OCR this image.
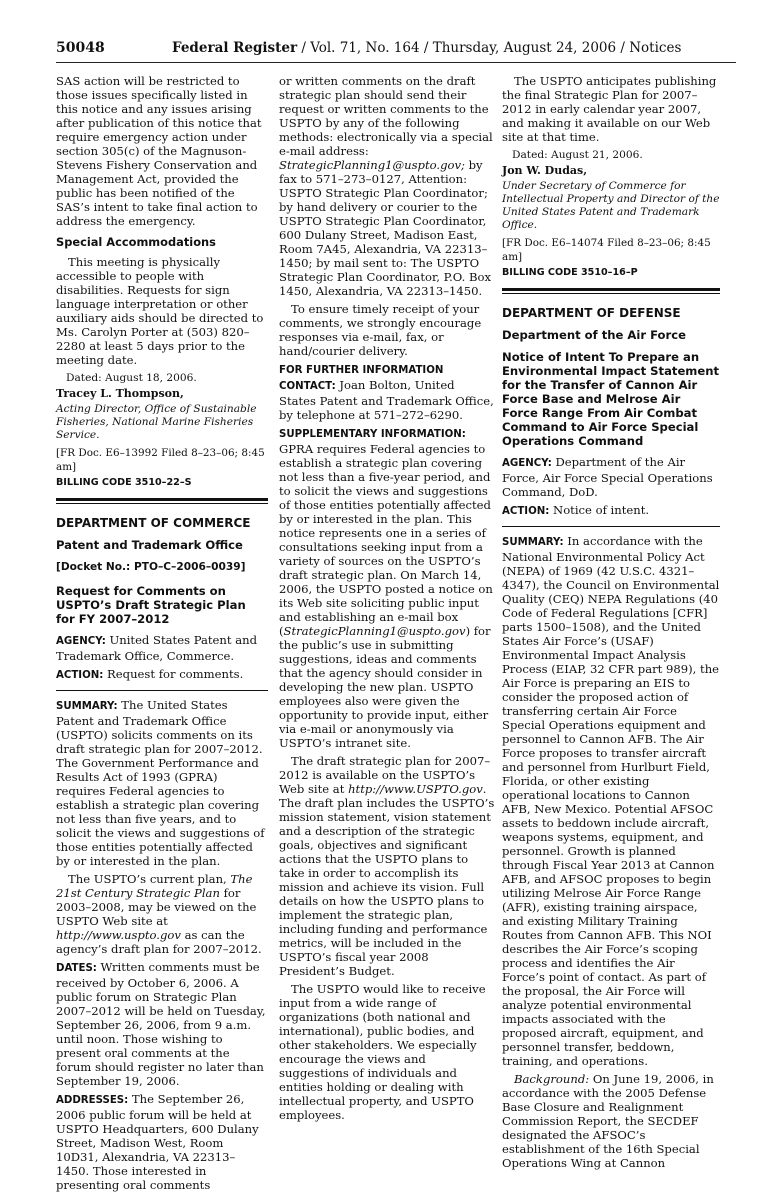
50048	Federal Register / Vol. 71, No. 164 / Thursday, August 24, 2006 / Notices

SAS action will be restricted to those issues specifically listed in this notice and any issues arising after publication of this notice that require emergency action under section 305(c) of the Magnuson-Stevens Fishery Conservation and Management Act, provided the public has been notified of the SAS’s intent to take final action to address the emergency.

Special Accommodations

This meeting is physically accessible to people with disabilities. Requests for sign language interpretation or other auxiliary aids should be directed to Ms. Carolyn Porter at (503) 820–2280 at least 5 days prior to the meeting date.

Dated: August 18, 2006.

Tracey L. Thompson,

Acting Director, Office of Sustainable Fisheries, National Marine Fisheries Service.

[FR Doc. E6–13992 Filed 8–23–06; 8:45 am]

BILLING CODE 3510–22–S
DEPARTMENT OF COMMERCE
Patent and Trademark Office
[Docket No.: PTO–C–2006–0039]
Request for Comments on USPTO’s Draft Strategic Plan for FY 2007–2012

AGENCY: United States Patent and Trademark Office, Commerce.

ACTION: Request for comments.

SUMMARY: The United States Patent and Trademark Office (USPTO) solicits comments on its draft strategic plan for 2007–2012. The Government Performance and Results Act of 1993 (GPRA) requires Federal agencies to establish a strategic plan covering not less than five years, and to solicit the views and suggestions of those entities potentially affected by or interested in the plan.

The USPTO’s current plan, The 21st Century Strategic Plan for 2003–2008, may be viewed on the USPTO Web site at http://www.uspto.gov as can the agency’s draft plan for 2007–2012.

DATES: Written comments must be received by October 6, 2006. A public forum on Strategic Plan 2007–2012 will be held on Tuesday, September 26, 2006, from 9 a.m. until noon. Those wishing to present oral comments at the forum should register no later than September 19, 2006.

ADDRESSES: The September 26, 2006 public forum will be held at USPTO Headquarters, 600 Dulany Street, Madison West, Room 10D31, Alexandria, VA 22313–1450. Those interested in presenting oral comments

or written comments on the draft strategic plan should send their request or written comments to the USPTO by any of the following methods: electronically via a special e-mail address: StrategicPlanning1@uspto.gov; by fax to 571–273–0127, Attention: USPTO Strategic Plan Coordinator; by hand delivery or courier to the USPTO Strategic Plan Coordinator, 600 Dulany Street, Madison East, Room 7A45, Alexandria, VA 22313–1450; by mail sent to: The USPTO Strategic Plan Coordinator, P.O. Box 1450, Alexandria, VA 22313–1450.

To ensure timely receipt of your comments, we strongly encourage responses via e-mail, fax, or hand/courier delivery.

FOR FURTHER INFORMATION CONTACT: Joan Bolton, United States Patent and Trademark Office, by telephone at 571–272–6290.

SUPPLEMENTARY INFORMATION: GPRA requires Federal agencies to establish a strategic plan covering not less than a five-year period, and to solicit the views and suggestions of those entities potentially affected by or interested in the plan. This notice represents one in a series of consultations seeking input from a variety of sources on the USPTO’s draft strategic plan. On March 14, 2006, the USPTO posted a notice on its Web site soliciting public input and establishing an e-mail box (StrategicPlanning1@uspto.gov) for the public’s use in submitting suggestions, ideas and comments that the agency should consider in developing the new plan. USPTO employees also were given the opportunity to provide input, either via e-mail or anonymously via USPTO’s intranet site.

The draft strategic plan for 2007–2012 is available on the USPTO’s Web site at http://www.USPTO.gov. The draft plan includes the USPTO’s mission statement, vision statement and a description of the strategic goals, objectives and significant actions that the USPTO plans to take in order to accomplish its mission and achieve its vision. Full details on how the USPTO plans to implement the strategic plan, including funding and performance metrics, will be included in the USPTO’s fiscal year 2008 President’s Budget.

The USPTO would like to receive input from a wide range of organizations (both national and international), public bodies, and other stakeholders. We especially encourage the views and suggestions of individuals and entities holding or dealing with intellectual property, and USPTO employees.

The USPTO anticipates publishing the final Strategic Plan for 2007–2012 in early calendar year 2007, and making it available on our Web site at that time.

Dated: August 21, 2006.

Jon W. Dudas,

Under Secretary of Commerce for Intellectual Property and Director of the United States Patent and Trademark Office.

[FR Doc. E6–14074 Filed 8–23–06; 8:45 am]

BILLING CODE 3510–16–P
DEPARTMENT OF DEFENSE
Department of the Air Force
Notice of Intent To Prepare an Environmental Impact Statement for the Transfer of Cannon Air Force Base and Melrose Air Force Range From Air Combat Command to Air Force Special Operations Command

AGENCY: Department of the Air Force, Air Force Special Operations Command, DoD.

ACTION: Notice of intent.

SUMMARY: In accordance with the National Environmental Policy Act (NEPA) of 1969 (42 U.S.C. 4321–4347), the Council on Environmental Quality (CEQ) NEPA Regulations (40 Code of Federal Regulations [CFR] parts 1500–1508), and the United States Air Force’s (USAF) Environmental Impact Analysis Process (EIAP, 32 CFR part 989), the Air Force is preparing an EIS to consider the proposed action of transferring certain Air Force Special Operations equipment and personnel to Cannon AFB. The Air Force proposes to transfer aircraft and personnel from Hurlburt Field, Florida, or other existing operational locations to Cannon AFB, New Mexico. Potential AFSOC assets to beddown include aircraft, weapons systems, equipment, and personnel. Growth is planned through Fiscal Year 2013 at Cannon AFB, and AFSOC proposes to begin utilizing Melrose Air Force Range (AFR), existing training airspace, and existing Military Training Routes from Cannon AFB. This NOI describes the Air Force’s scoping process and identifies the Air Force’s point of contact. As part of the proposal, the Air Force will analyze potential environmental impacts associated with the proposed aircraft, equipment, and personnel transfer, beddown, training, and operations.

Background: On June 19, 2006, in accordance with the 2005 Defense Base Closure and Realignment Commission Report, the SECDEF designated the AFSOC’s establishment of the 16th Special Operations Wing at Cannon
